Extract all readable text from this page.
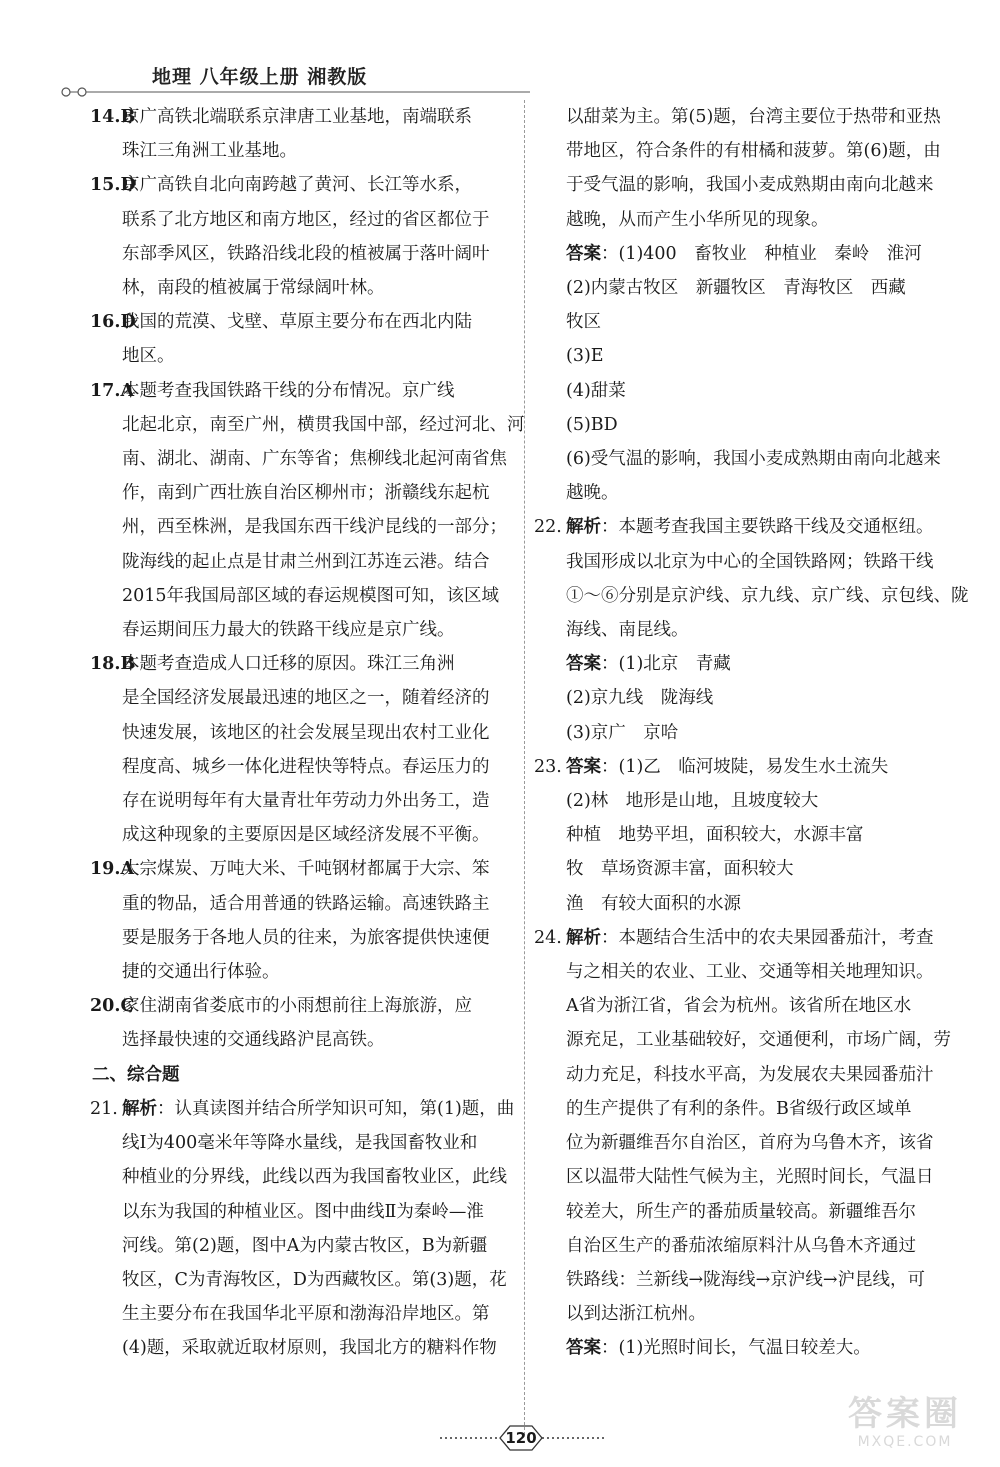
地理 八年级上册 湘教版
14.B
京广高铁北端联系京津唐工业基地，南端联系
珠江三角洲工业基地。
15.D
京广高铁自北向南跨越了黄河、长江等水系，
联系了北方地区和南方地区，经过的省区都位于
东部季风区，铁路沿线北段的植被属于落叶阔叶
林，南段的植被属于常绿阔叶林。
16.D
我国的荒漠、戈壁、草原主要分布在西北内陆
地区。
17.A
本题考查我国铁路干线的分布情况。京广线
北起北京，南至广州，横贯我国中部，经过河北、河
南、湖北、湖南、广东等省；焦柳线北起河南省焦
作，南到广西壮族自治区柳州市；浙赣线东起杭
州，西至株洲，是我国东西干线沪昆线的一部分；
陇海线的起止点是甘肃兰州到江苏连云港。结合
2015年我国局部区域的春运规模图可知，该区域
春运期间压力最大的铁路干线应是京广线。
18.B
本题考查造成人口迁移的原因。珠江三角洲
是全国经济发展最迅速的地区之一，随着经济的
快速发展，该地区的社会发展呈现出农村工业化
程度高、城乡一体化进程快等特点。春运压力的
存在说明每年有大量青壮年劳动力外出务工，造
成这种现象的主要原因是区域经济发展不平衡。
19.A
大宗煤炭、万吨大米、千吨钢材都属于大宗、笨
重的物品，适合用普通的铁路运输。高速铁路主
要是服务于各地人员的往来，为旅客提供快速便
捷的交通出行体验。
20.C
家住湖南省娄底市的小雨想前往上海旅游，应
选择最快速的交通线路沪昆高铁。
二、综合题
21. 解析：认真读图并结合所学知识可知，第(1)题，曲
线Ⅰ为400毫米年等降水量线，是我国畜牧业和
种植业的分界线，此线以西为我国畜牧业区，此线
以东为我国的种植业区。图中曲线Ⅱ为秦岭—淮
河线。第(2)题，图中A为内蒙古牧区，B为新疆
牧区，C为青海牧区，D为西藏牧区。第(3)题，花
生主要分布在我国华北平原和渤海沿岸地区。第
(4)题，采取就近取材原则，我国北方的糖料作物
以甜菜为主。第(5)题，台湾主要位于热带和亚热
带地区，符合条件的有柑橘和菠萝。第(6)题，由
于受气温的影响，我国小麦成熟期由南向北越来
越晚，从而产生小华所见的现象。
答案：(1)400　畜牧业　种植业　秦岭　淮河
(2)内蒙古牧区　新疆牧区　青海牧区　西藏
牧区
(3)E
(4)甜菜
(5)BD
(6)受气温的影响，我国小麦成熟期由南向北越来
越晚。
22. 解析：本题考查我国主要铁路干线及交通枢纽。
我国形成以北京为中心的全国铁路网；铁路干线
①～⑥分别是京沪线、京九线、京广线、京包线、陇
海线、南昆线。
答案：(1)北京　青藏
(2)京九线　陇海线
(3)京广　京哈
23. 答案：(1)乙　临河坡陡，易发生水土流失
(2)林　地形是山地，且坡度较大
种植　地势平坦，面积较大，水源丰富
牧　草场资源丰富，面积较大
渔　有较大面积的水源
24. 解析：本题结合生活中的农夫果园番茄汁，考查
与之相关的农业、工业、交通等相关地理知识。
A省为浙江省，省会为杭州。该省所在地区水
源充足，工业基础较好，交通便利，市场广阔，劳
动力充足，科技水平高，为发展农夫果园番茄汁
的生产提供了有利的条件。B省级行政区域单
位为新疆维吾尔自治区，首府为乌鲁木齐，该省
区以温带大陆性气候为主，光照时间长，气温日
较差大，所生产的番茄质量较高。新疆维吾尔
自治区生产的番茄浓缩原料汁从乌鲁木齐通过
铁路线：兰新线→陇海线→京沪线→沪昆线，可
以到达浙江杭州。
答案：(1)光照时间长，气温日较差大。
120
答案圈
MXQE.COM
